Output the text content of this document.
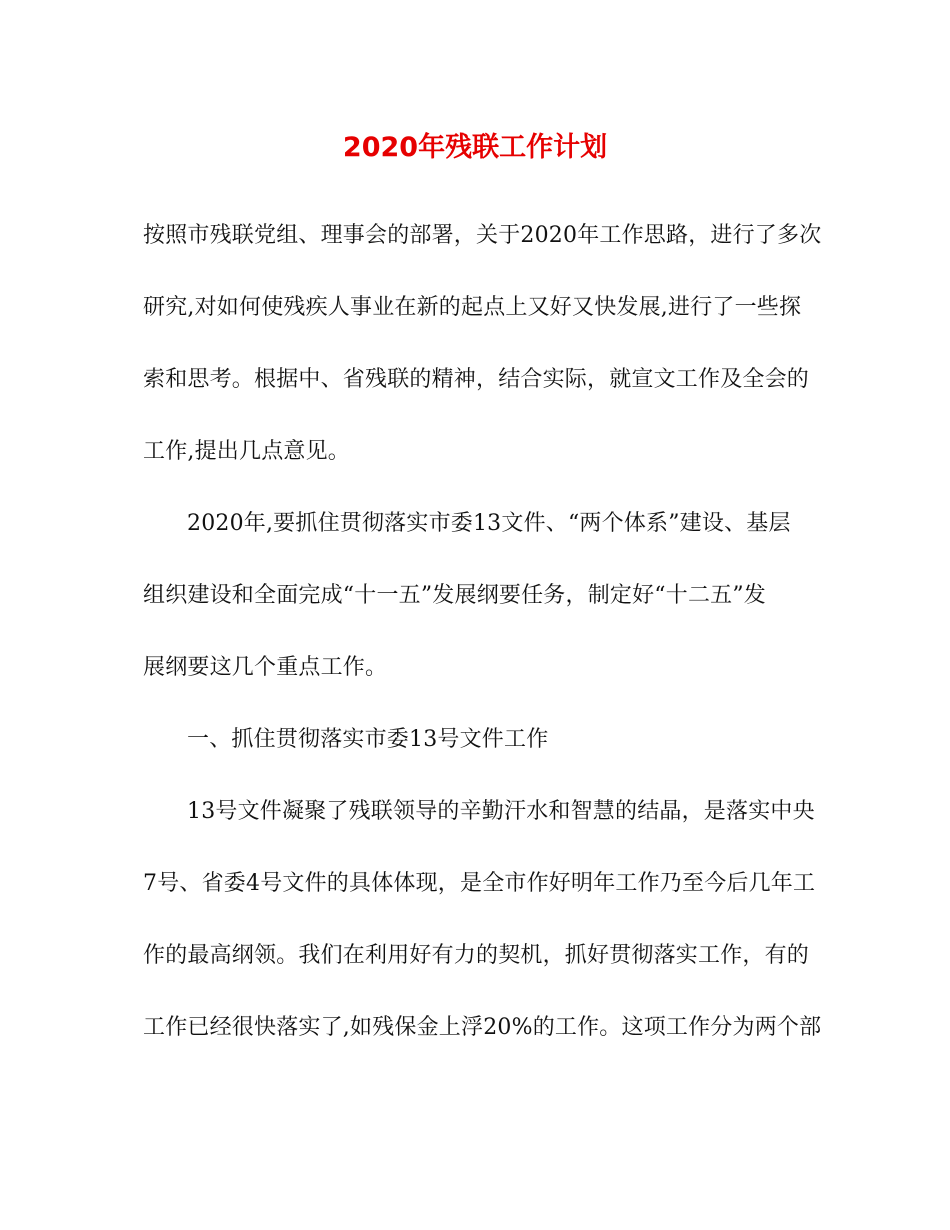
2020年残联工作计划
按照市残联党组、理事会的部署，关于2020年工作思路，进行了多次
研究,对如何使残疾人事业在新的起点上又好又快发展,进行了一些探
索和思考。根据中、省残联的精神，结合实际，就宣文工作及全会的
工作,提出几点意见。
2020年,要抓住贯彻落实市委13文件、“两个体系”建设、基层
组织建设和全面完成“十一五”发展纲要任务，制定好“十二五”发
展纲要这几个重点工作。
一、抓住贯彻落实市委13号文件工作
13号文件凝聚了残联领导的辛勤汗水和智慧的结晶，是落实中央
7号、省委4号文件的具体体现，是全市作好明年工作乃至今后几年工
作的最高纲领。我们在利用好有力的契机，抓好贯彻落实工作，有的
工作已经很快落实了,如残保金上浮20%的工作。这项工作分为两个部
